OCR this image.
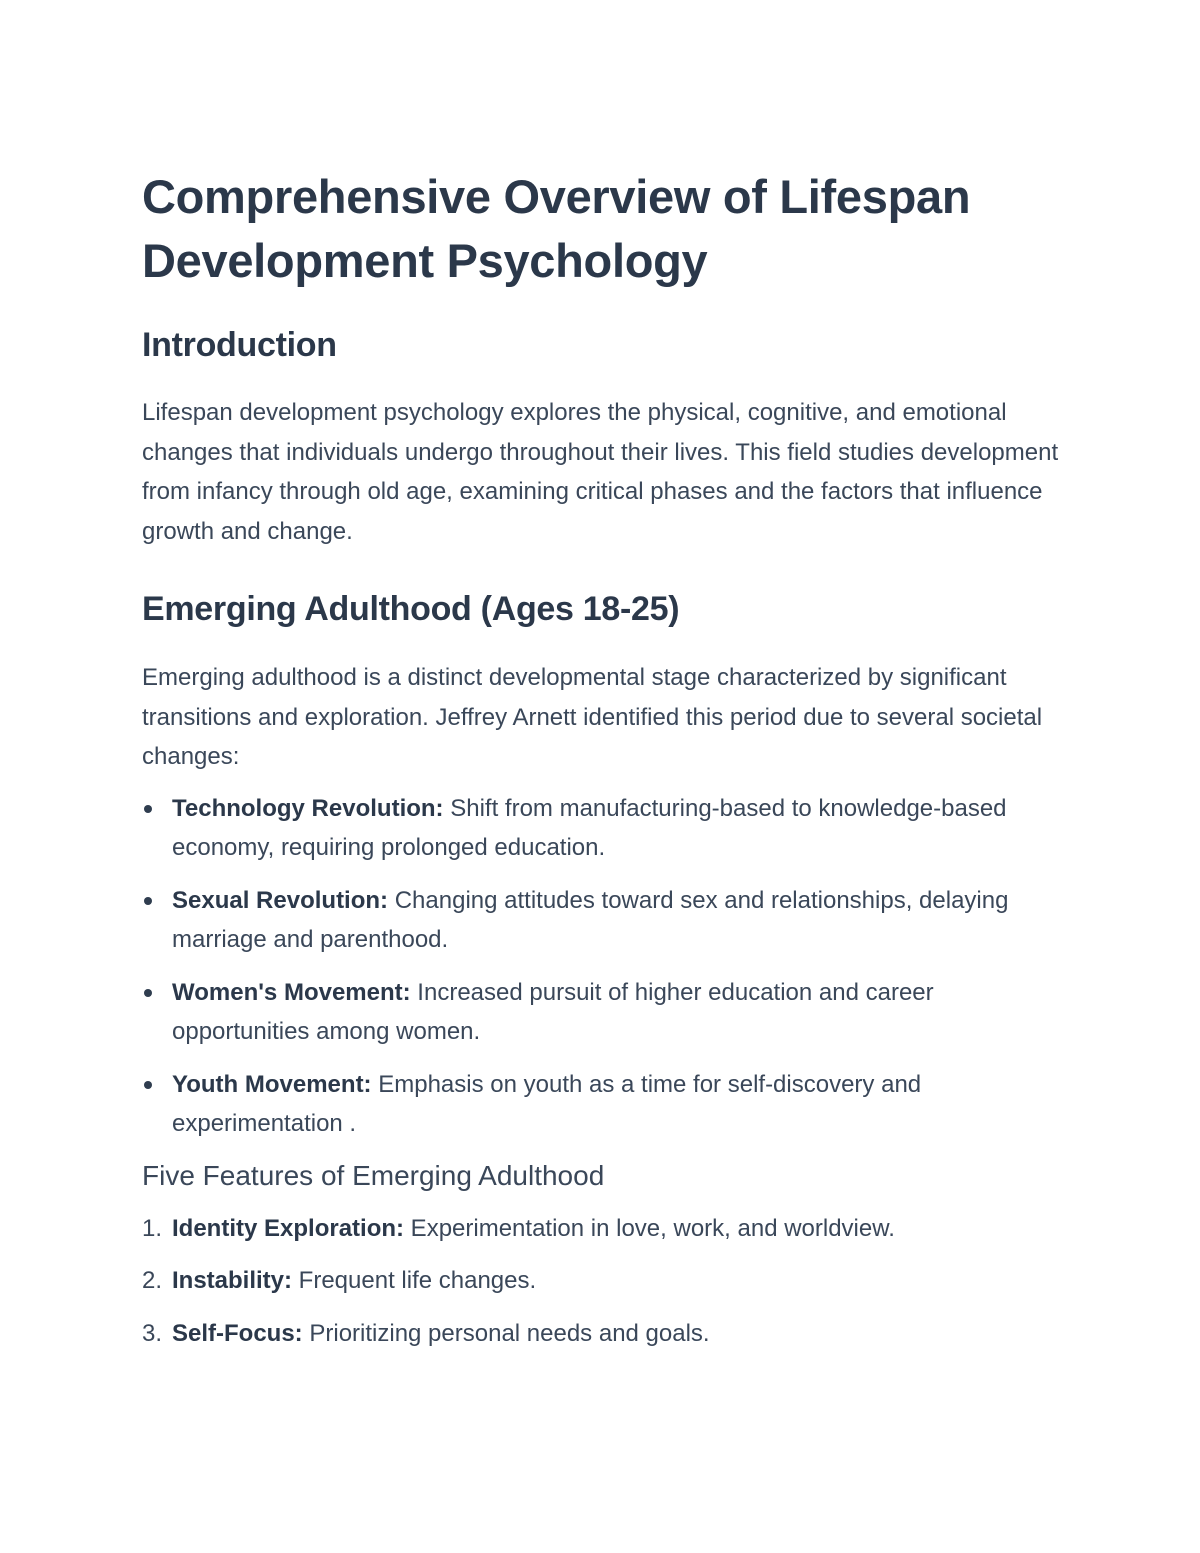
Comprehensive Overview of Lifespan Development Psychology
Introduction

Lifespan development psychology explores the physical, cognitive, and emotional changes that individuals undergo throughout their lives. This field studies development from infancy through old age, examining critical phases and the factors that influence growth and change.

Emerging Adulthood (Ages 18-25)

Emerging adulthood is a distinct developmental stage characterized by significant transitions and exploration. Jeffrey Arnett identified this period due to several societal changes:

Technology Revolution: Shift from manufacturing-based to knowledge-based economy, requiring prolonged education.
Sexual Revolution: Changing attitudes toward sex and relationships, delaying marriage and parenthood.
Women's Movement: Increased pursuit of higher education and career opportunities among women.
Youth Movement: Emphasis on youth as a time for self-discovery and experimentation .
Five Features of Emerging Adulthood
1. Identity Exploration: Experimentation in love, work, and worldview.
2. Instability: Frequent life changes.
3. Self-Focus: Prioritizing personal needs and goals.
